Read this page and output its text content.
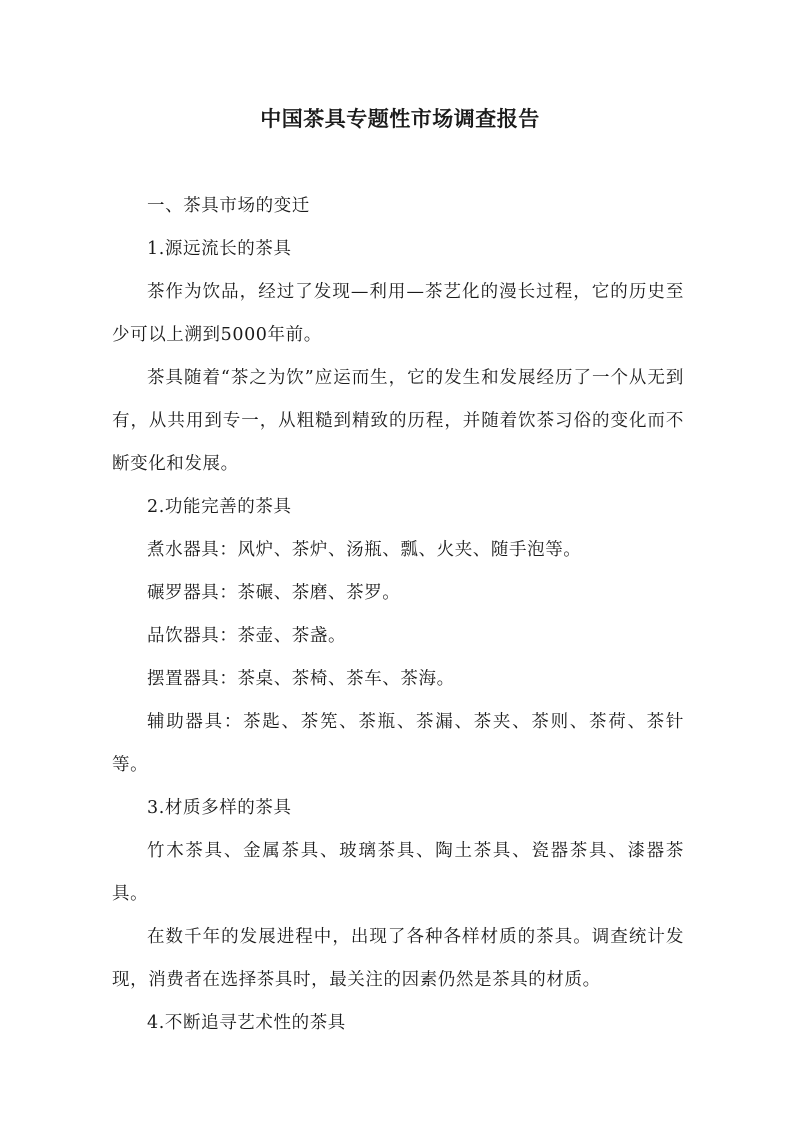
中国茶具专题性市场调查报告

一、茶具市场的变迁

1.源远流长的茶具

茶作为饮品，经过了发现—利用—茶艺化的漫长过程，它的历史至少可以上溯到5000年前。

茶具随着“茶之为饮”应运而生，它的发生和发展经历了一个从无到有，从共用到专一，从粗糙到精致的历程，并随着饮茶习俗的变化而不断变化和发展。

2.功能完善的茶具

煮水器具：风炉、茶炉、汤瓶、瓢、火夹、随手泡等。

碾罗器具：茶碾、茶磨、茶罗。

品饮器具：茶壶、茶盏。

摆置器具：茶桌、茶椅、茶车、茶海。

辅助器具：茶匙、茶筅、茶瓶、茶漏、茶夹、茶则、茶荷、茶针等。

3.材质多样的茶具

竹木茶具、金属茶具、玻璃茶具、陶土茶具、瓷器茶具、漆器茶具。

在数千年的发展进程中，出现了各种各样材质的茶具。调查统计发现，消费者在选择茶具时，最关注的因素仍然是茶具的材质。

4.不断追寻艺术性的茶具
